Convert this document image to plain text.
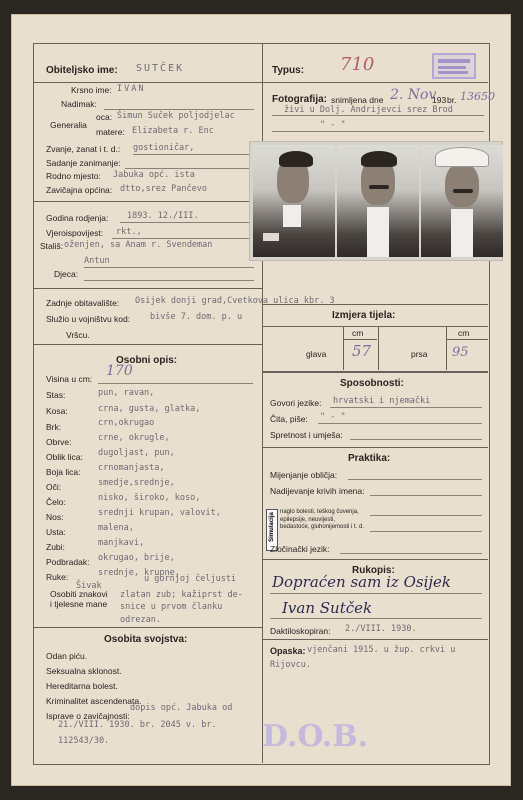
Obiteljsko ime: SUTČEK
Krsno ime: IVAN
Nadimak:
Generalia
oca: Šimun Suček poljodjelac
matere: Elizabeta r. Enc
Zvanje, zanat i t. d.: gostioničar,
Sadanje zanimanje:
Rodno mjesto: Jabuka opć. ista
Zavičajna općina: dtto,srez Pančevo
Godina rodjenja: 1893. 12./III.
Vjeroispovijest: rkt.,
Stališ: oženjen, sa Anam r. Svendeman
Antun
Djeca:
Zadnje obitavalište: Osijek donji grad,Cvetkova ulica kbr. 3
Služio u vojništvu kod: bivše 7. dom. p. u
Vršcu.
Osobni opis:
Visina u cm: 170
Stas:	pun, ravan,
Kosa:	crna, gusta, glatka,
Brk:	crn,okrugao
Obrve:	crne, okrugle,
Oblik lica: dugoljast, pun,
Boja lica: crnomanjasta,
Oči:	smedje,srednje,
Čelo:	nisko, široko, koso,
Nos:	srednji krupan, valovit,
Usta:	malena,
Zubi:	manjkavi,
Podbradak: okrugao, brije,
Ruke:	srednje, krupne,
Šivak
Osobiti znakovi
i tjelesne mane
u gornjoj čeljusti
zlatan zub; kažiprst de-
snice u prvom članku
odrezan.
Osobita svojstva:
Odan piću.
Seksualna sklonost.
Hereditarna bolest.
Kriminalitet ascendenata.
Isprave o zavičajnosti:
dopis opć. Jabuka od
21./VIII. 1930. br. 2045 v. br.
112543/30.	D.O.B.
Typus: 710
Fotografija: snimljena dne 2. Nov
193 br. 13650
živi u Dolj. Andrijevci srez Brod
" - "
Izmjera tijela:
cm	cm
glava 57	prsa 95
Sposobnosti:
Govori jezike: hrvatski i njemački
Čita, piše: " - "
Spretnost i umješa:
Praktika:
Mijenjanje obličja:
Nadijevanje krivih imena:
Simulacija
naglo bolesti, teškog čuvenja, epilepsije, neuvijesti, bedastoće, gluhonijemosti i t. d.
Zločinački jezik:
Rukopis:
Dopraćen sam iz Osijek
Ivan Sutček
Daktiloskopiran: 2./VIII. 1930.
Opaska: vjenčani 1915. u žup. crkvi u
Rijovcu.
